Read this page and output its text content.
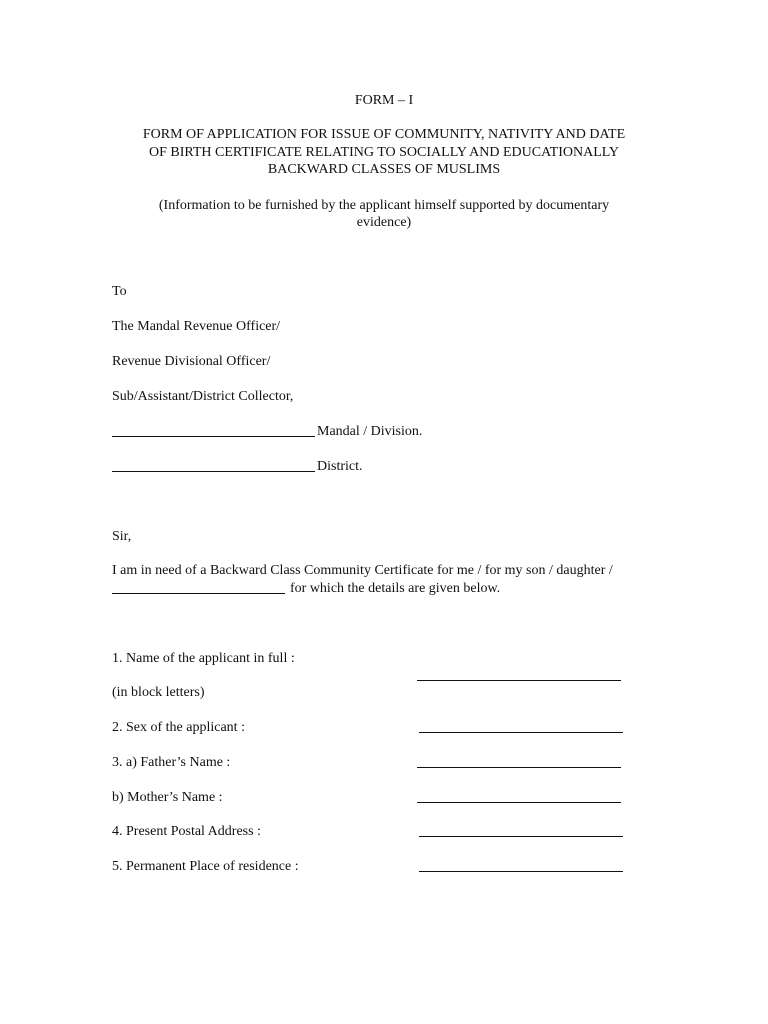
FORM – I
FORM OF APPLICATION FOR ISSUE OF COMMUNITY, NATIVITY AND DATE
OF BIRTH CERTIFICATE RELATING TO SOCIALLY AND EDUCATIONALLY
BACKWARD CLASSES OF MUSLIMS
(Information to be furnished by the applicant himself supported by documentary
evidence)
To
The Mandal Revenue Officer/
Revenue Divisional Officer/
Sub/Assistant/District Collector,
Mandal / Division.
District.
Sir,
I am in need of a Backward Class Community Certificate for me / for my son / daughter /
for which the details are given below.
1. Name of the applicant in full :
(in block letters)
2. Sex of the applicant :
3. a) Father’s Name :
b) Mother’s Name :
4. Present Postal Address :
5. Permanent Place of residence :
